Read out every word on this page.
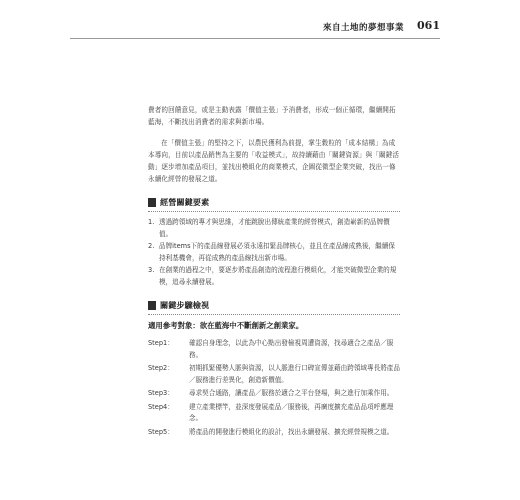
來自土地的夢想事業 061

費者的回饋意見，或是主動表露「價值主張」予消費者，形成一個正循環，繼續開拓藍海，不斷找出消費者的需求與新市場。

在「價值主張」的堅持之下，以農民獲利為前提，掌生穀粒的「成本結構」為成本導向，目前以產品銷售為主要的「收益模式」，故持續藉由「關鍵資源」與「關鍵活動」逐步增加產品項目，並找出模組化的商業模式，企圖從微型企業突破，找出一條永續化經營的發展之道。

經營關鍵要素
1. 透過跨領域的專才與思維，才能跳脫出傳統產業的經營模式，創造嶄新的品牌價值。
2. 品牌items下的產品線發展必須永遠扣緊品牌核心，並且在產品線成熟後，繼續保持利基機會，再從成熟的產品線找出新市場。
3. 在創業的過程之中，要逐步將產品創造的流程進行模組化，才能突破微型企業的規模，追尋永續發展。
關鍵步驟檢視
適用參考對象：欲在藍海中不斷創新之創業家。
Step1：	確認自身理念，以此為中心點出發檢視周遭資源，找尋適合之產品／服務。
Step2：	初期抓緊優勢人脈與資源，以人脈進行口碑宣傳並藉由跨領域專長將產品／服務進行差異化，創造新價值。
Step3：	尋求契合通路，讓產品／服務於適合之平台登場，與之進行加乘作用。
Step4：	建立產業標竿，並深度發展產品／服務後，再廣度擴充產品品項呼應理念。
Step5：	將產品的開發進行模組化的設計，找出永續發展、擴充經營規模之道。
